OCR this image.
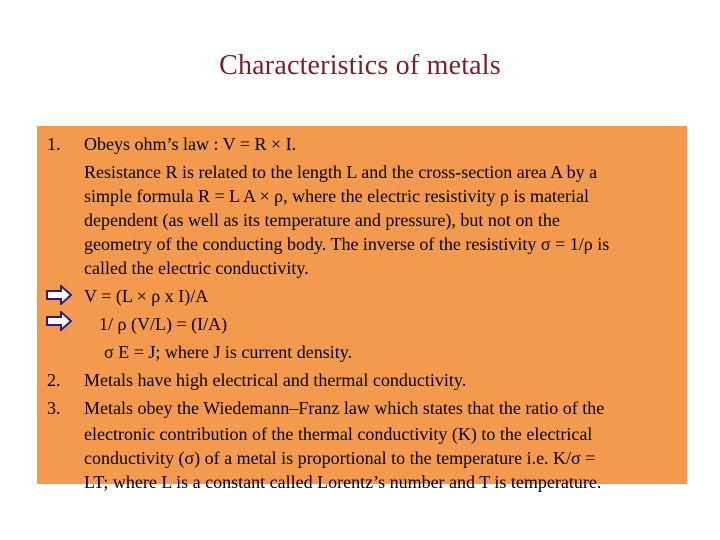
Characteristics of metals
1. Obeys ohm’s law : V = R × I.
Resistance R is related to the length L and the cross-section area A by a
simple formula R = L A × ρ, where the electric resistivity ρ is material
dependent (as well as its temperature and pressure), but not on the
geometry of the conducting body. The inverse of the resistivity σ = 1/ρ is
called the electric conductivity.
V = (L × ρ x I)/A
1/ ρ (V/L) = (I/A)
σ E = J; where J is current density.
2. Metals have high electrical and thermal conductivity.
3. Metals obey the Wiedemann–Franz law which states that the ratio of the
electronic contribution of the thermal conductivity (K) to the electrical
conductivity (σ) of a metal is proportional to the temperature i.e. K/σ =
LT; where L is a constant called Lorentz’s number and T is temperature.
